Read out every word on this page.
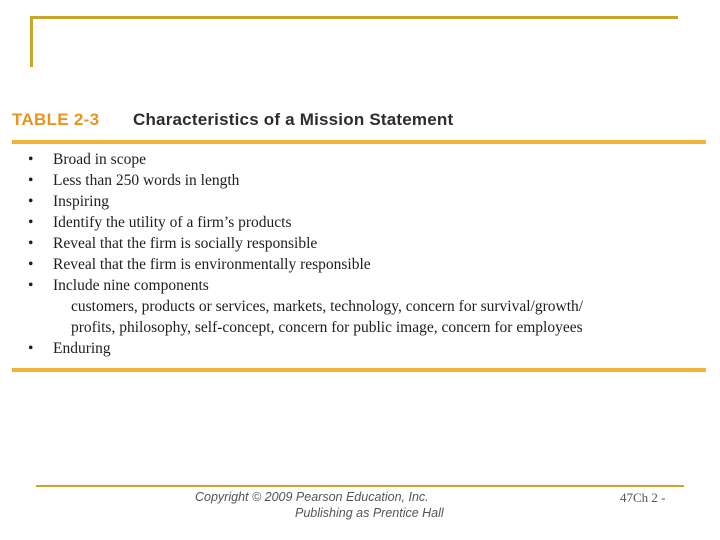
TABLE 2-3 Characteristics of a Mission Statement
• Broad in scope
• Less than 250 words in length
• Inspiring
• Identify the utility of a firm’s products
• Reveal that the firm is socially responsible
• Reveal that the firm is environmentally responsible
• Include nine components
customers, products or services, markets, technology, concern for survival/growth/
profits, philosophy, self-concept, concern for public image, concern for employees
• Enduring
Copyright © 2009 Pearson Education, Inc.
Publishing as Prentice Hall
47Ch 2 -
